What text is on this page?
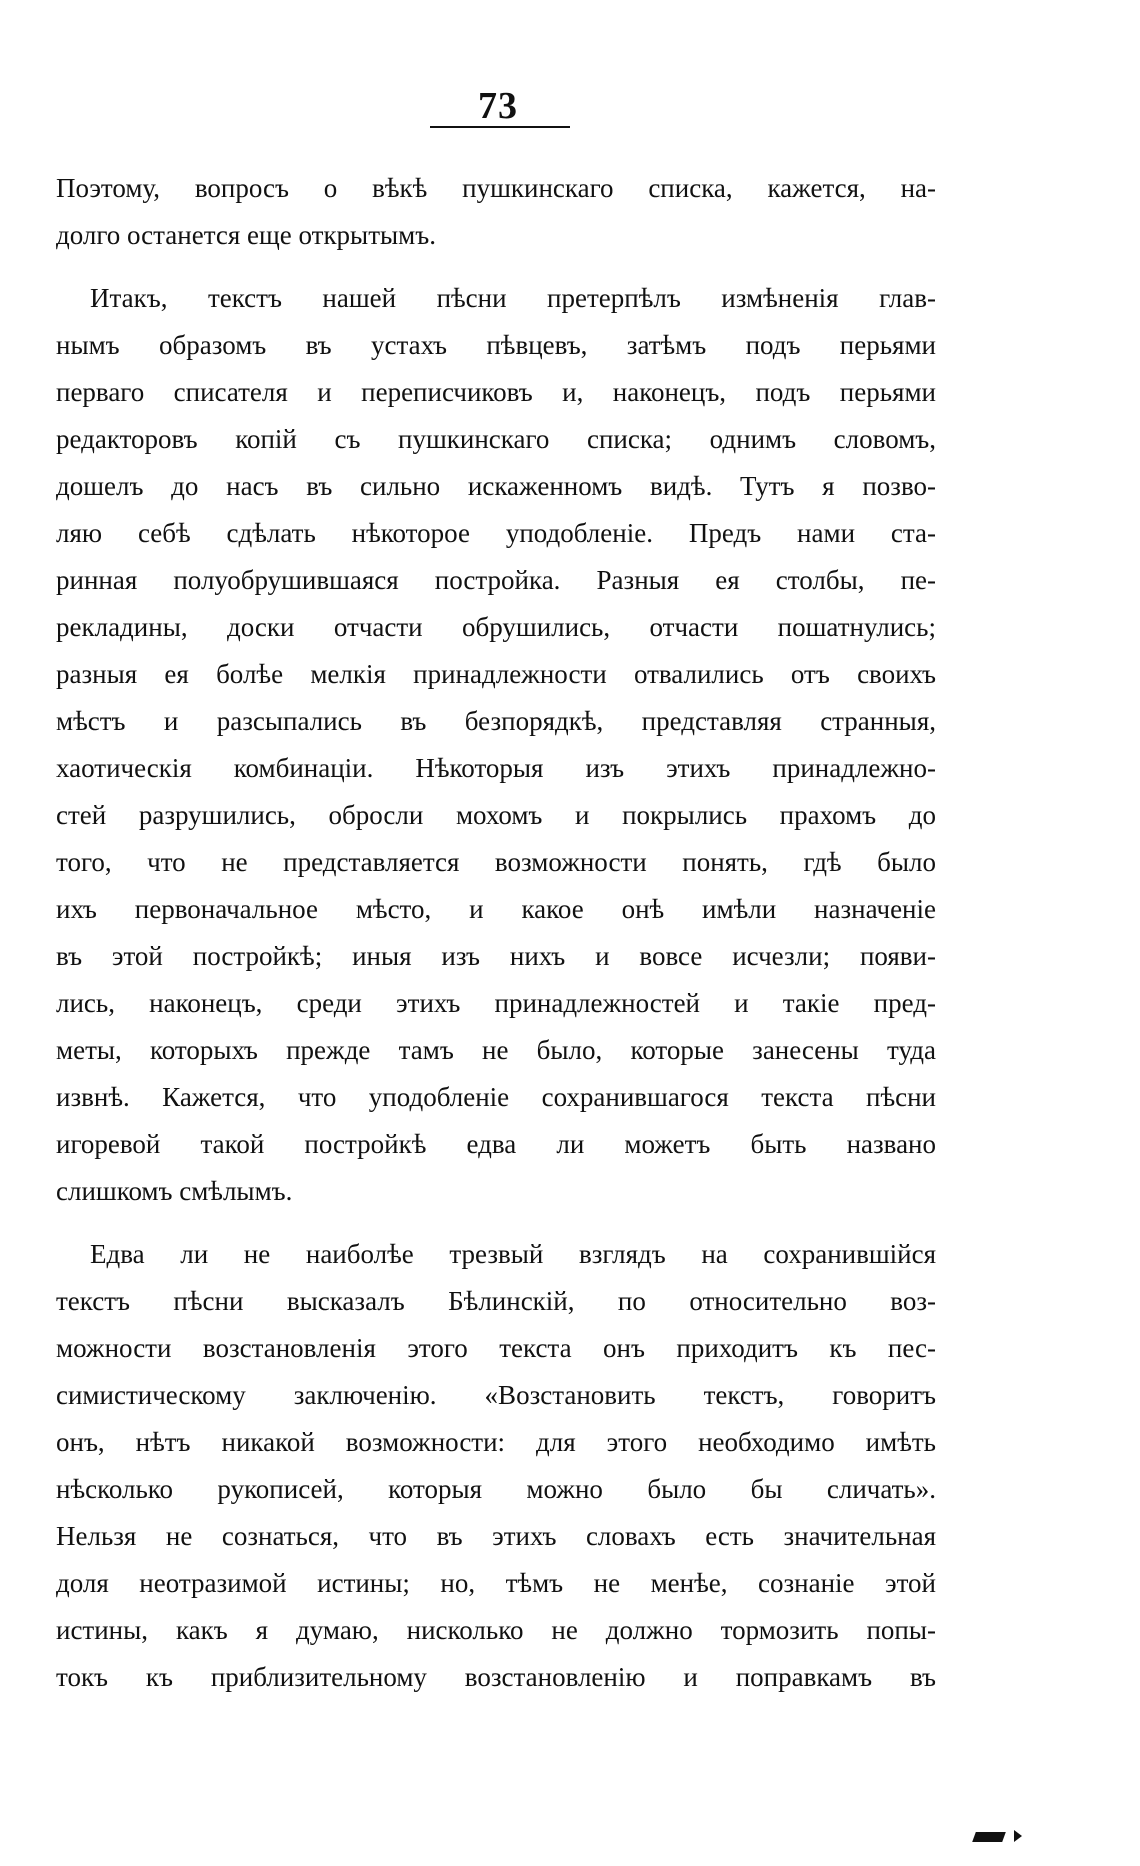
73
Поэтому, вопросъ о вѣкѣ пушкинскаго списка, кажется, на-
долго останется еще открытымъ.
Итакъ, текстъ нашей пѣсни претерпѣлъ измѣненія глав-
нымъ образомъ въ устахъ пѣвцевъ, затѣмъ подъ перьями
перваго списателя и переписчиковъ и, наконецъ, подъ перьями
редакторовъ копій съ пушкинскаго списка; однимъ словомъ,
дошелъ до насъ въ сильно искаженномъ видѣ. Тутъ я позво-
ляю себѣ сдѣлать нѣкоторое уподобленіе. Предъ нами ста-
ринная полуобрушившаяся постройка. Разныя ея столбы, пе-
рекладины, доски отчасти обрушились, отчасти пошатнулись;
разныя ея болѣе мелкія принадлежности отвалились отъ своихъ
мѣстъ и разсыпались въ безпорядкѣ, представляя странныя,
хаотическія комбинаціи. Нѣкоторыя изъ этихъ принадлежно-
стей разрушились, обросли мохомъ и покрылись прахомъ до
того, что не представляется возможности понять, гдѣ было
ихъ первоначальное мѣсто, и какое онѣ имѣли назначеніе
въ этой постройкѣ; иныя изъ нихъ и вовсе исчезли; появи-
лись, наконецъ, среди этихъ принадлежностей и такіе пред-
меты, которыхъ прежде тамъ не было, которые занесены туда
извнѣ. Кажется, что уподобленіе сохранившагося текста пѣсни
игоревой такой постройкѣ едва ли можетъ быть названо
слишкомъ смѣлымъ.
Едва ли не наиболѣе трезвый взглядъ на сохранившійся
текстъ пѣсни высказалъ Бѣлинскій, по относительно воз-
можности возстановленія этого текста онъ приходитъ къ пес-
симистическому заключенію. «Возстановить текстъ, говоритъ
онъ, нѣтъ никакой возможности: для этого необходимо имѣть
нѣсколько рукописей, которыя можно было бы сличать».
Нельзя не сознаться, что въ этихъ словахъ есть значительная
доля неотразимой истины; но, тѣмъ не менѣе, сознаніе этой
истины, какъ я думаю, нисколько не должно тормозить попы-
токъ къ приблизительному возстановленію и поправкамъ въ
